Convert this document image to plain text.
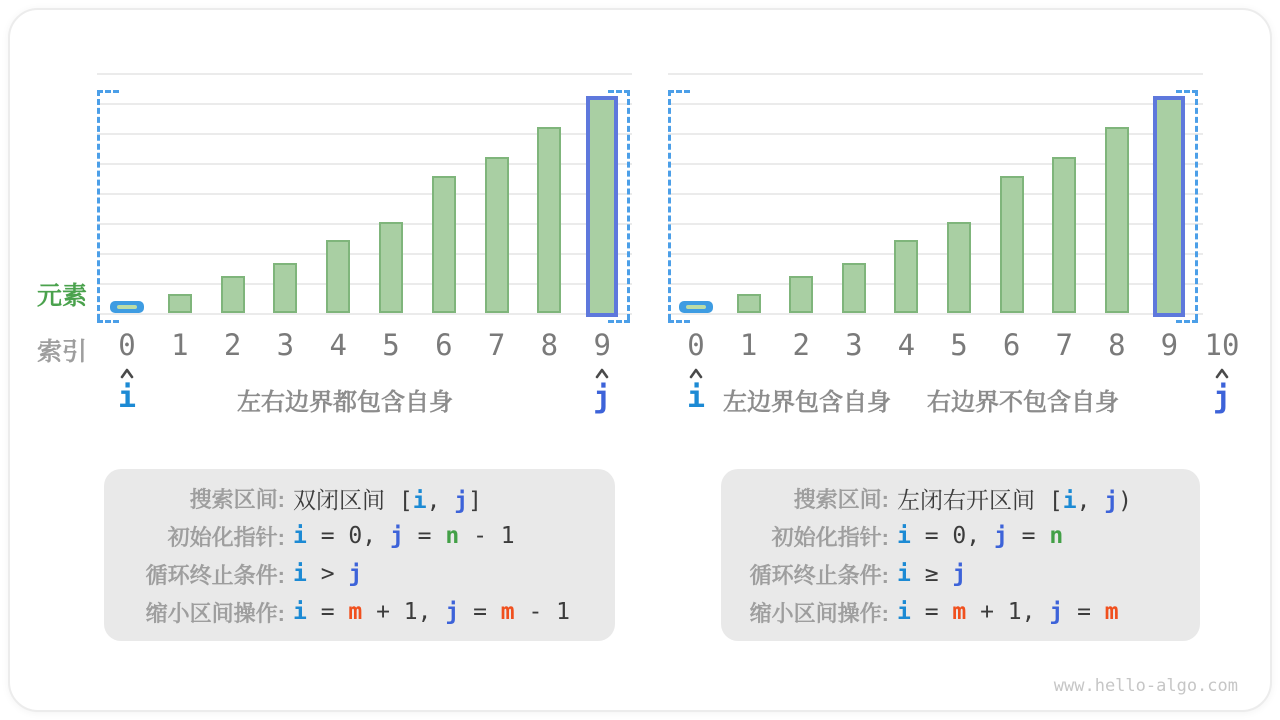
元素
索引	0	1	2	3	4	5	6	7	8	9
i	j
左右边界都包含自身
0	1	2	3	4	5	6	7	8	9 10
i	j
左边界包含自身 右边界不包含自身
搜索区间: 双闭区间 [i, j]
初始化指针: i = 0, j = n - 1
循环终止条件: i > j
缩小区间操作: i = m + 1, j = m - 1
搜索区间: 左闭右开区间 [i, j)
初始化指针: i = 0, j = n
循环终止条件: i ≥ j
缩小区间操作: i = m + 1, j = m
www.hello-algo.com
